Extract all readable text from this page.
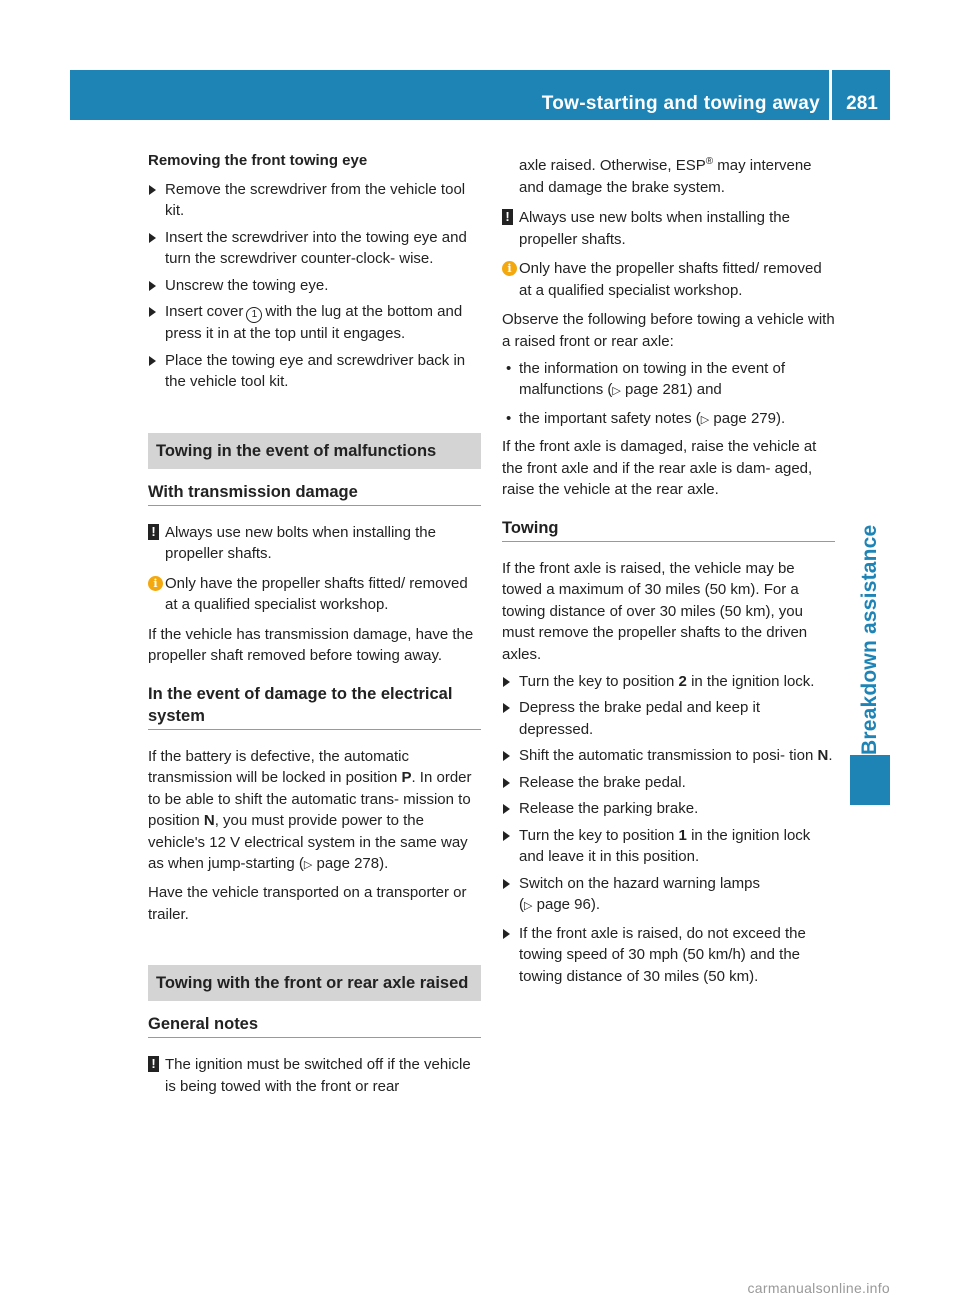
Tow-starting and towing away	281
Breakdown assistance
Removing the front towing eye
Remove the screwdriver from the vehicle tool kit.
Insert the screwdriver into the towing eye and turn the screwdriver counter-clock- wise.
Unscrew the towing eye.
Insert cover 1 with the lug at the bottom and press it in at the top until it engages.
Place the towing eye and screwdriver back in the vehicle tool kit.
Towing in the event of malfunctions
With transmission damage
! Always use new bolts when installing the propeller shafts.
i Only have the propeller shafts fitted/ removed at a qualified specialist workshop.
If the vehicle has transmission damage, have the propeller shaft removed before towing away.
In the event of damage to the electrical system
If the battery is defective, the automatic transmission will be locked in position P. In order to be able to shift the automatic trans- mission to position N, you must provide power to the vehicle's 12 V electrical system in the same way as when jump-starting (▷ page 278).
Have the vehicle transported on a transporter or trailer.
Towing with the front or rear axle raised
General notes
! The ignition must be switched off if the vehicle is being towed with the front or rear
axle raised. Otherwise, ESP® may intervene and damage the brake system.
! Always use new bolts when installing the propeller shafts.
i Only have the propeller shafts fitted/ removed at a qualified specialist workshop.
Observe the following before towing a vehicle with a raised front or rear axle:
• the information on towing in the event of malfunctions (▷ page 281) and
• the important safety notes (▷ page 279).
If the front axle is damaged, raise the vehicle at the front axle and if the rear axle is dam- aged, raise the vehicle at the rear axle.
Towing
If the front axle is raised, the vehicle may be towed a maximum of 30 miles (50 km). For a towing distance of over 30 miles (50 km), you must remove the propeller shafts to the driven axles.
Turn the key to position 2 in the ignition lock.
Depress the brake pedal and keep it depressed.
Shift the automatic transmission to posi- tion N.
Release the brake pedal.
Release the parking brake.
Turn the key to position 1 in the ignition lock and leave it in this position.
Switch on the hazard warning lamps
(▷ page 96).
If the front axle is raised, do not exceed the towing speed of 30 mph (50 km/h) and the towing distance of 30 miles (50 km).
carmanualsonline.info
